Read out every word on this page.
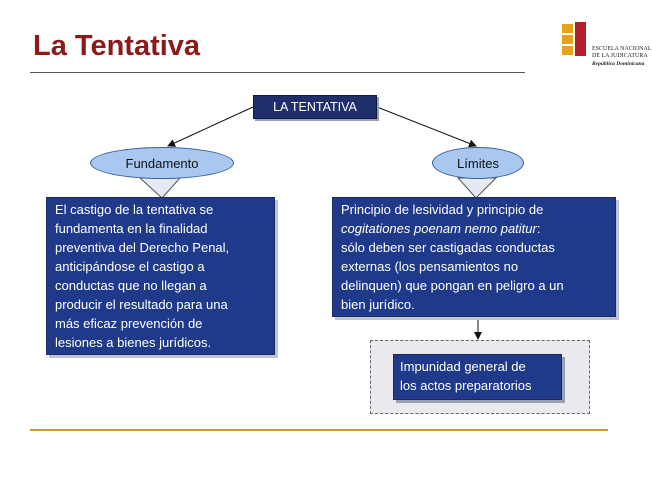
La Tentativa	ESCUELA NACIONAL
DE LA JUDICATURA
República Dominicana
LA TENTATIVA
Fundamento	Límites
El castigo de la tentativa se
fundamenta en la finalidad
preventiva del Derecho Penal,
anticipándose el castigo a
conductas que no llegan a
producir el resultado para una
más eficaz prevención de
lesiones a bienes jurídicos.
Principio de lesividad y principio de
cogitationes poenam nemo patitur:
sólo deben ser castigadas conductas
externas (los pensamientos no
delinquen) que pongan en peligro a un
bien jurídico.
Impunidad general de
los actos preparatorios
